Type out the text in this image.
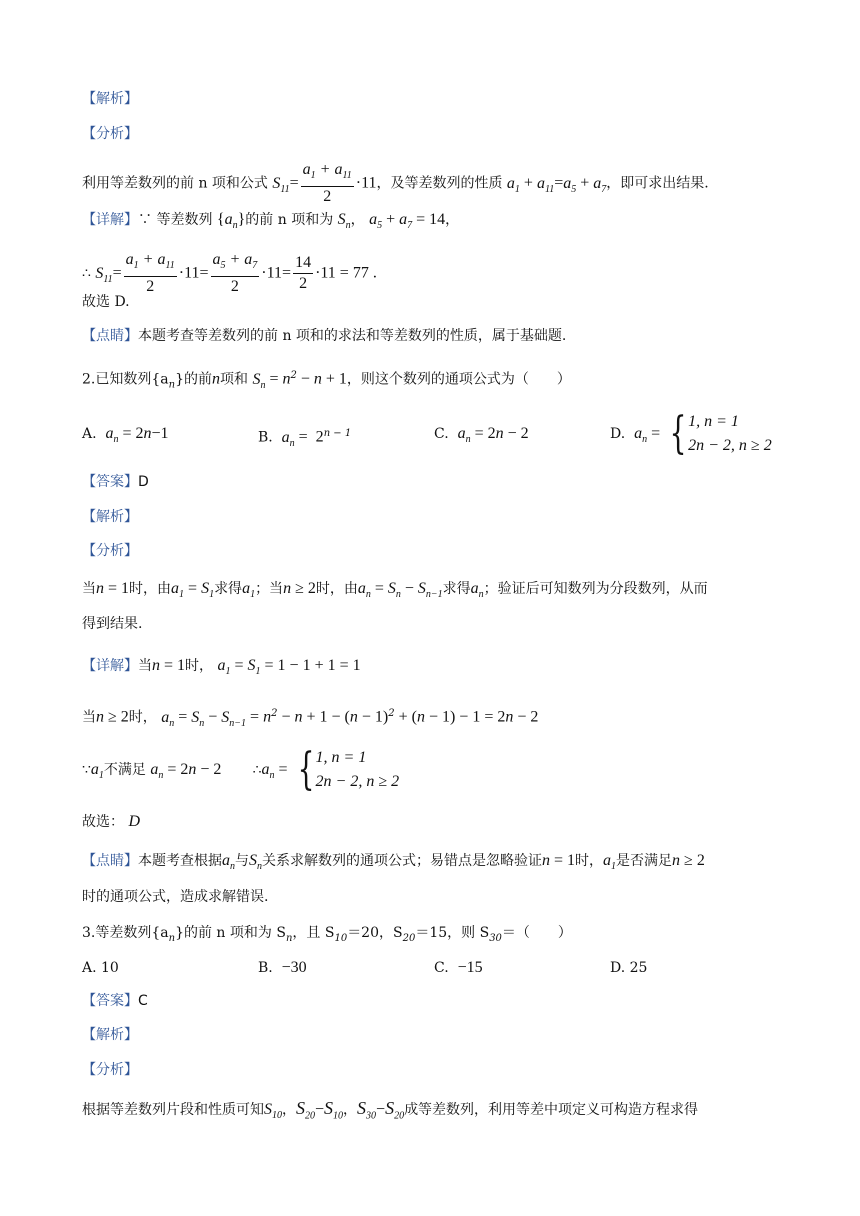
【解析】
【分析】
利用等差数列的前 n 项和公式 $S_{11}= \frac{a_1 + a_{11}}{2} \cdot 11$，及等差数列的性质 $a_1 + a_{11}=a_5 + a_7$，即可求出结果.
【详解】∵ 等差数列 $\{a_n\}$的前 n 项和为 $S_n$， $a_5 + a_7 = 14$，
∴ $S_{11}= \frac{a_1 + a_{11}}{2} \cdot 11= \frac{a_5 + a_7}{2} \cdot 11= \frac{14}{2} \cdot 11 = 77$ .
故选 D.
【点睛】本题考查等差数列的前 n 项和的求法和等差数列的性质，属于基础题.
2.已知数列$\{a_n\}$的前n项和 $S_n = n^2 - n + 1$，则这个数列的通项公式为（　　）
A. $a_n = 2n-1$	B. $a_n = 2^{n - 1}$	C. $a_n = 2n - 2$	D. $a_n = \{1$, n = 1
2n − 2, n ≥ 2
【答案】D
【解析】
【分析】
当n = 1时，由$a_1 = S_1$求得$a_1$；当n ≥ 2时，由$a_n = S_n - S_{n-1}$求得$a_n$；验证后可知数列为分段数列，从而
得到结果.
【详解】当n = 1时， $a_1 = S_1 = 1 - 1 + 1 = 1$
当n ≥ 2时， $a_n = S_n - S_{n-1} = n^2 - n + 1 - (n - 1)^2 + (n - 1) - 1 = 2n - 2$
$\because a_1$不满足 $a_n = 2n - 2$ $\therefore a_n = \{1$, n = 1
2n − 2, n ≥ 2
故选： D
【点睛】本题考查根据$a_n$与$S_n$关系求解数列的通项公式；易错点是忽略验证n = 1时，$a_1$是否满足n ≥ 2
时的通项公式，造成求解错误.
3.等差数列$\{a_n\}$的前 n 项和为 $S_n$，且 $S_{10}=20$，$S_{20}=15$，则 $S_{30}=$（　　）
A. 10	B. −30	C. −15	D. 25
【答案】C
【解析】
【分析】
根据等差数列片段和性质可知$S_{10}$，$S_{20}-S_{10}$，$S_{30}-S_{20}$成等差数列，利用等差中项定义可构造方程求得
